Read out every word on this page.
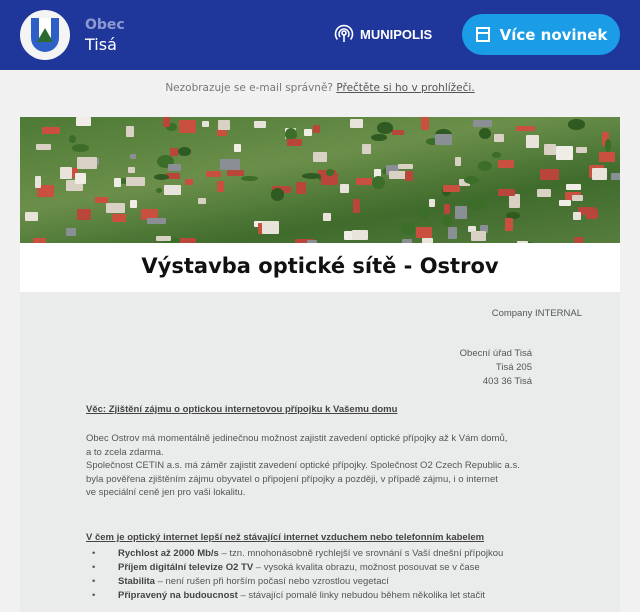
Obec
Tisá
MUNIPOLIS	Více novinek
Nezobrazuje se e-mail správně? Přečtěte si ho v prohlížeči.
Výstavba optické sítě - Ostrov
Company INTERNAL
Obecní úřad Tisá
Tisá 205
403 36 Tisá
Věc: Zjištění zájmu o optickou internetovou přípojku k Vašemu domu
Obec Ostrov má momentálně jedinečnou možnost zajistit zavedení optické přípojky až k Vám domů,
a to zcela zdarma.
Společnost CETIN a.s. má záměr zajistit zavedení optické přípojky. Společnost O2 Czech Republic a.s.
byla pověřena zjištěním zájmu obyvatel o připojení přípojky a později, v případě zájmu, i o internet
ve speciální ceně jen pro vaši lokalitu.
V čem je optický internet lepší než stávající internet vzduchem nebo telefonním kabelem
• Rychlost až 2000 Mb/s – tzn. mnohonásobně rychlejší ve srovnání s Vaší dnešní přípojkou
• Příjem digitální televize O2 TV – vysoká kvalita obrazu, možnost posouvat se v čase
• Stabilita – není rušen při horším počasí nebo vzrostlou vegetací
• Připravený na budoucnost – stávající pomalé linky nebudou během několika let stačit
